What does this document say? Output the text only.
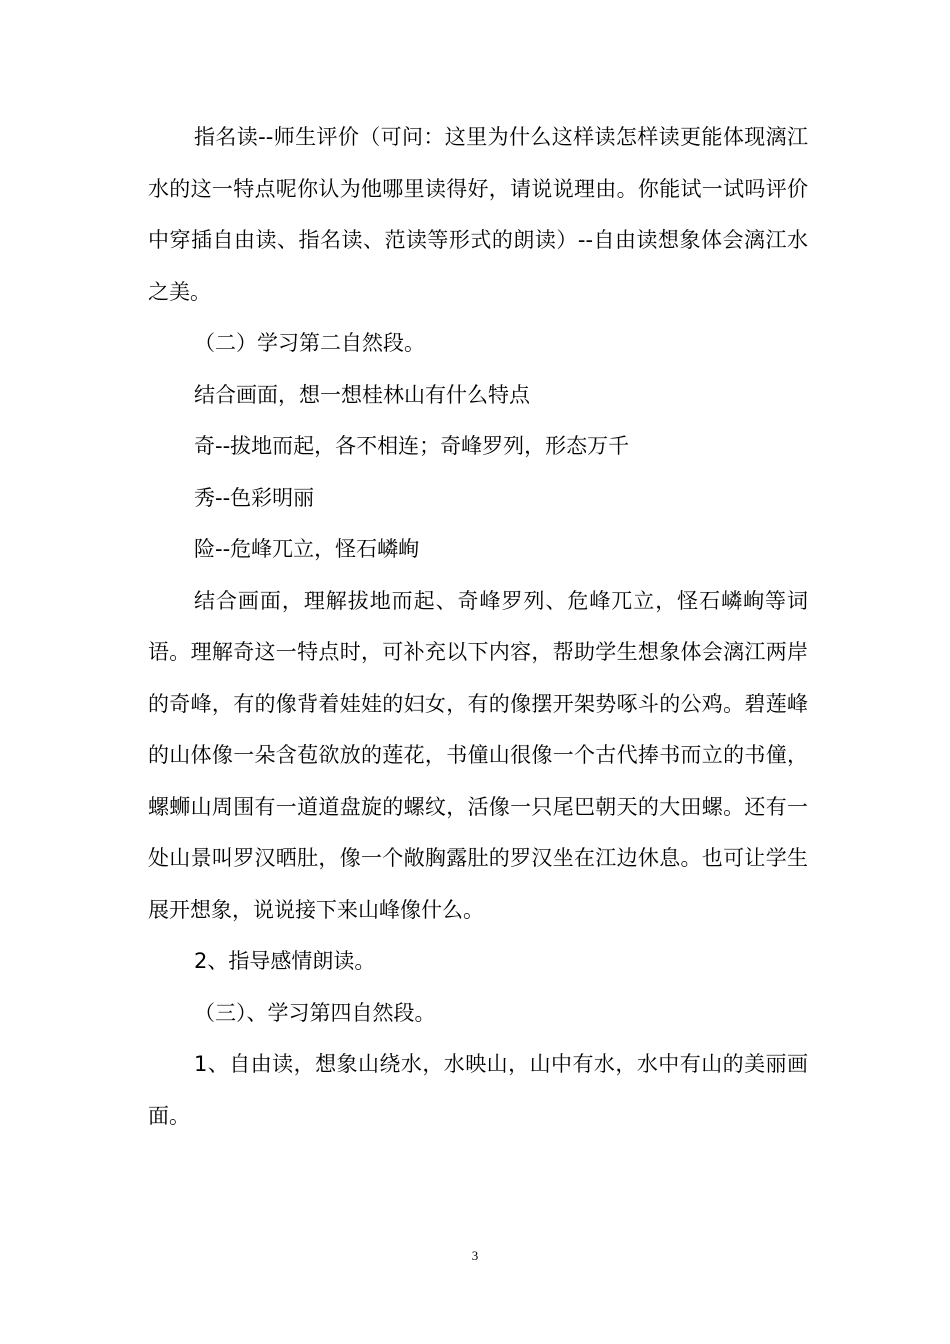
指名读--师生评价（可问：这里为什么这样读怎样读更能体现漓江水的这一特点呢你认为他哪里读得好，请说说理由。你能试一试吗评价中穿插自由读、指名读、范读等形式的朗读）--自由读想象体会漓江水之美。

（二）学习第二自然段。

结合画面，想一想桂林山有什么特点

奇--拔地而起，各不相连；奇峰罗列，形态万千

秀--色彩明丽

险--危峰兀立，怪石嶙峋

结合画面，理解拔地而起、奇峰罗列、危峰兀立，怪石嶙峋等词语。理解奇这一特点时，可补充以下内容，帮助学生想象体会漓江两岸的奇峰，有的像背着娃娃的妇女，有的像摆开架势啄斗的公鸡。碧莲峰的山体像一朵含苞欲放的莲花，书僮山很像一个古代捧书而立的书僮，螺蛳山周围有一道道盘旋的螺纹，活像一只尾巴朝天的大田螺。还有一处山景叫罗汉晒肚，像一个敞胸露肚的罗汉坐在江边休息。也可让学生展开想象，说说接下来山峰像什么。

2、指导感情朗读。

（三）、学习第四自然段。

1、自由读，想象山绕水，水映山，山中有水，水中有山的美丽画面。

3
